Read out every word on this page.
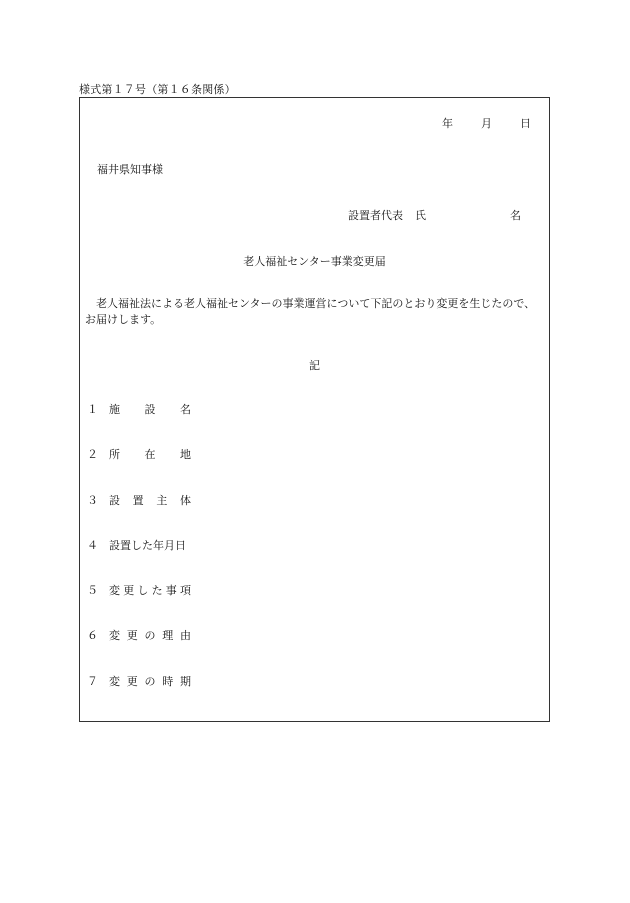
様式第１７号（第１６条関係）
年	月	日
福井県知事様
設置者代表 氏	名
老人福祉センター事業変更届
老人福祉法による老人福祉センターの事業運営について下記のとおり変更を生じたので、お届けします。
記
１	施 設 名
２	所 在 地
３	設 置 主 体
４	設置した年月日
５	変 更 し た 事 項
６	変 更 の 理 由
７	変 更 の 時 期
